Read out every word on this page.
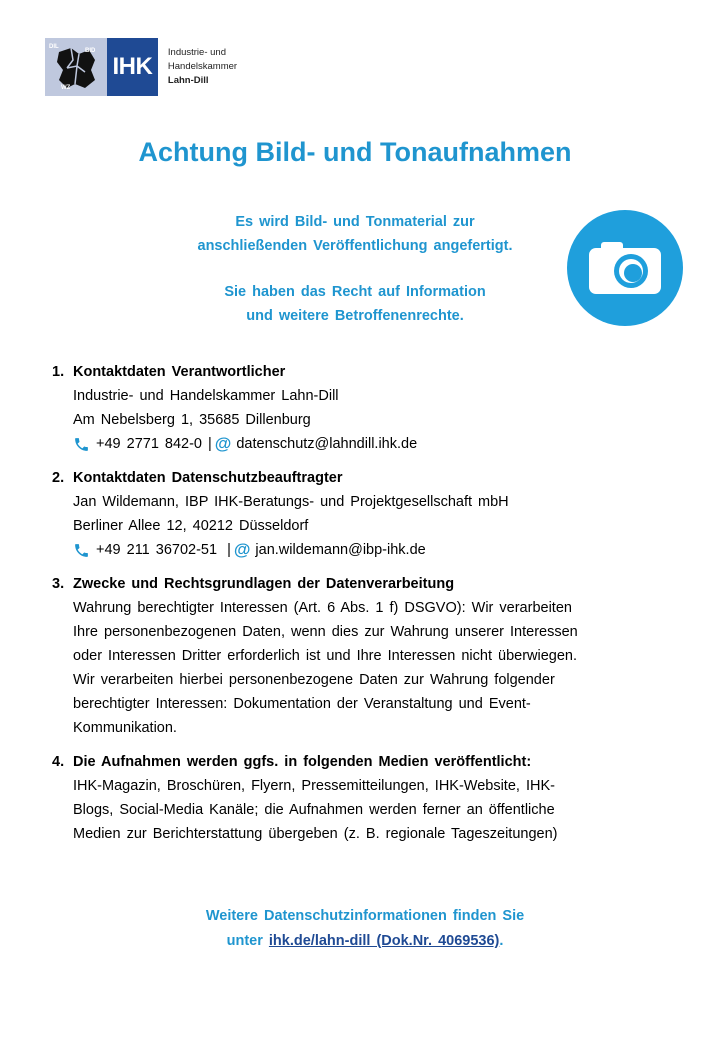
DIL
BID
WZ
IHK
Industrie- und Handelskammer
Lahn-Dill
Achtung Bild- und Tonaufnahmen

Es wird Bild- und Tonmaterial zur

anschließenden Veröffentlichung angefertigt.

Sie haben das Recht auf Information

und weitere Betroffenenrechte.

1. Kontaktdaten Verantwortlicher
Industrie- und Handelskammer Lahn-Dill
Am Nebelsberg 1, 35685 Dillenburg
+49 2771 842-0 | @ datenschutz@lahndill.ihk.de
2. Kontaktdaten Datenschutzbeauftragter
Jan Wildemann, IBP IHK-Beratungs- und Projektgesellschaft mbH
Berliner Allee 12, 40212 Düsseldorf
+49 211 36702-51 | @ jan.wildemann@ibp-ihk.de
3. Zwecke und Rechtsgrundlagen der Datenverarbeitung
Wahrung berechtigter Interessen (Art. 6 Abs. 1 f) DSGVO): Wir verarbeiten
Ihre personenbezogenen Daten, wenn dies zur Wahrung unserer Interessen
oder Interessen Dritter erforderlich ist und Ihre Interessen nicht überwiegen.
Wir verarbeiten hierbei personenbezogene Daten zur Wahrung folgender
berechtigter Interessen: Dokumentation der Veranstaltung und Event-
Kommunikation.
4. Die Aufnahmen werden ggfs. in folgenden Medien veröffentlicht:
IHK-Magazin, Broschüren, Flyern, Pressemitteilungen, IHK-Website, IHK-
Blogs, Social-Media Kanäle; die Aufnahmen werden ferner an öffentliche
Medien zur Berichterstattung übergeben (z. B. regionale Tageszeitungen)

Weitere Datenschutzinformationen finden Sie

unter ihk.de/lahn-dill (Dok.Nr. 4069536).
